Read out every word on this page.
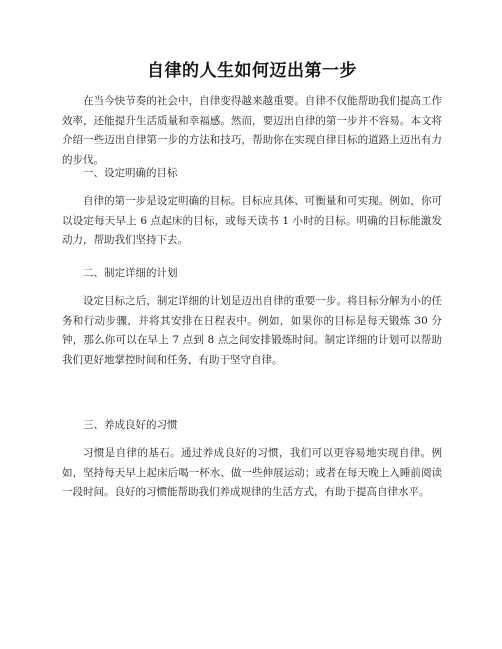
自律的人生如何迈出第一步

在当今快节奏的社会中，自律变得越来越重要。自律不仅能帮助我们提高工作效率，还能提升生活质量和幸福感。然而，要迈出自律的第一步并不容易。本文将介绍一些迈出自律第一步的方法和技巧，帮助你在实现自律目标的道路上迈出有力的步伐。

一、设定明确的目标

自律的第一步是设定明确的目标。目标应具体、可衡量和可实现。例如，你可以设定每天早上 6 点起床的目标，或每天读书 1 小时的目标。明确的目标能激发动力，帮助我们坚持下去。

二、制定详细的计划

设定目标之后，制定详细的计划是迈出自律的重要一步。将目标分解为小的任务和行动步骤，并将其安排在日程表中。例如，如果你的目标是每天锻炼 30 分钟，那么你可以在早上 7 点到 8 点之间安排锻炼时间。制定详细的计划可以帮助我们更好地掌控时间和任务，有助于坚守自律。

三、养成良好的习惯

习惯是自律的基石。通过养成良好的习惯，我们可以更容易地实现自律。例如，坚持每天早上起床后喝一杯水、做一些伸展运动；或者在每天晚上入睡前阅读一段时间。良好的习惯能帮助我们养成规律的生活方式，有助于提高自律水平。
